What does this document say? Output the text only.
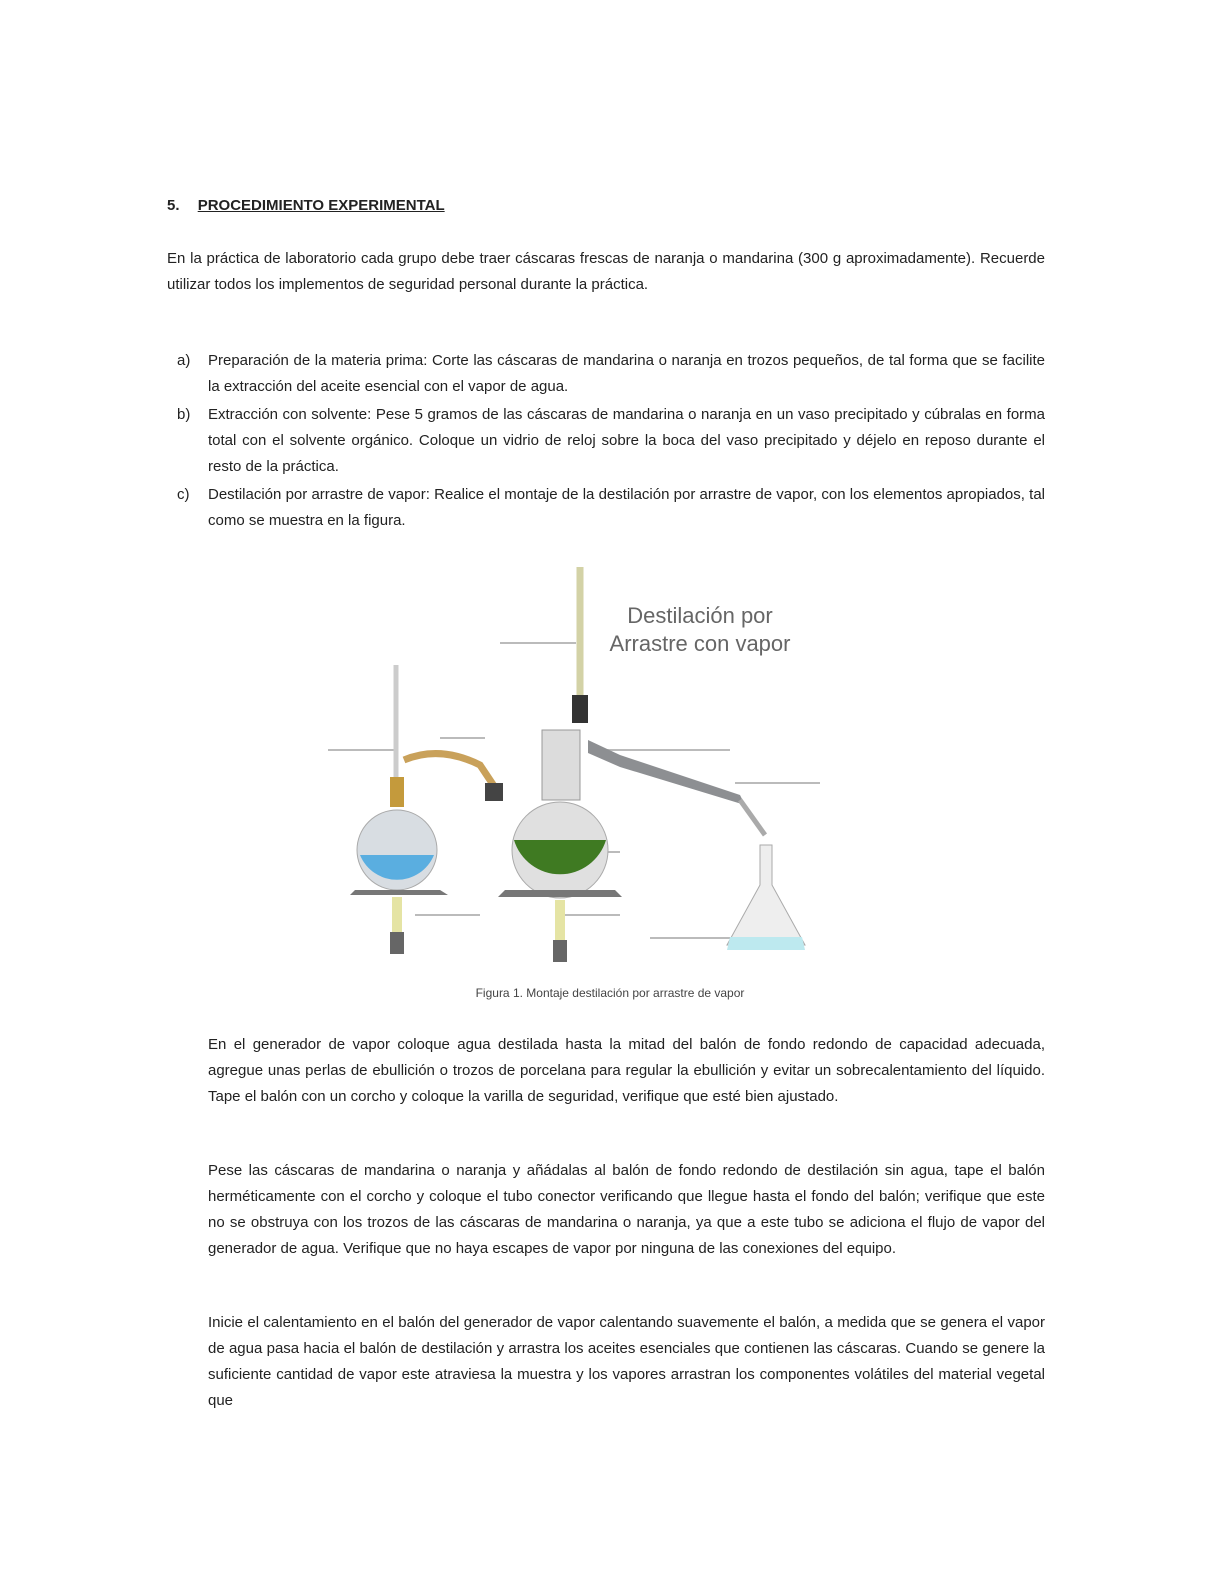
5. PROCEDIMIENTO EXPERIMENTAL
En la práctica de laboratorio cada grupo debe traer cáscaras frescas de naranja o mandarina (300 g aproximadamente). Recuerde utilizar todos los implementos de seguridad personal durante la práctica.
a) Preparación de la materia prima: Corte las cáscaras de mandarina o naranja en trozos pequeños, de tal forma que se facilite la extracción del aceite esencial con el vapor de agua.
b) Extracción con solvente: Pese 5 gramos de las cáscaras de mandarina o naranja en un vaso precipitado y cúbralas en forma total con el solvente orgánico. Coloque un vidrio de reloj sobre la boca del vaso precipitado y déjelo en reposo durante el resto de la práctica.
c) Destilación por arrastre de vapor: Realice el montaje de la destilación por arrastre de vapor, con los elementos apropiados, tal como se muestra en la figura.
Destilación por
Arrastre con vapor
Figura 1. Montaje destilación por arrastre de vapor
En el generador de vapor coloque agua destilada hasta la mitad del balón de fondo redondo de capacidad adecuada, agregue unas perlas de ebullición o trozos de porcelana para regular la ebullición y evitar un sobrecalentamiento del líquido. Tape el balón con un corcho y coloque la varilla de seguridad, verifique que esté bien ajustado.
Pese las cáscaras de mandarina o naranja y añádalas al balón de fondo redondo de destilación sin agua, tape el balón herméticamente con el corcho y coloque el tubo conector verificando que llegue hasta el fondo del balón; verifique que este no se obstruya con los trozos de las cáscaras de mandarina o naranja, ya que a este tubo se adiciona el flujo de vapor del generador de agua. Verifique que no haya escapes de vapor por ninguna de las conexiones del equipo.
Inicie el calentamiento en el balón del generador de vapor calentando suavemente el balón, a medida que se genera el vapor de agua pasa hacia el balón de destilación y arrastra los aceites esenciales que contienen las cáscaras. Cuando se genere la suficiente cantidad de vapor este atraviesa la muestra y los vapores arrastran los componentes volátiles del material vegetal que
